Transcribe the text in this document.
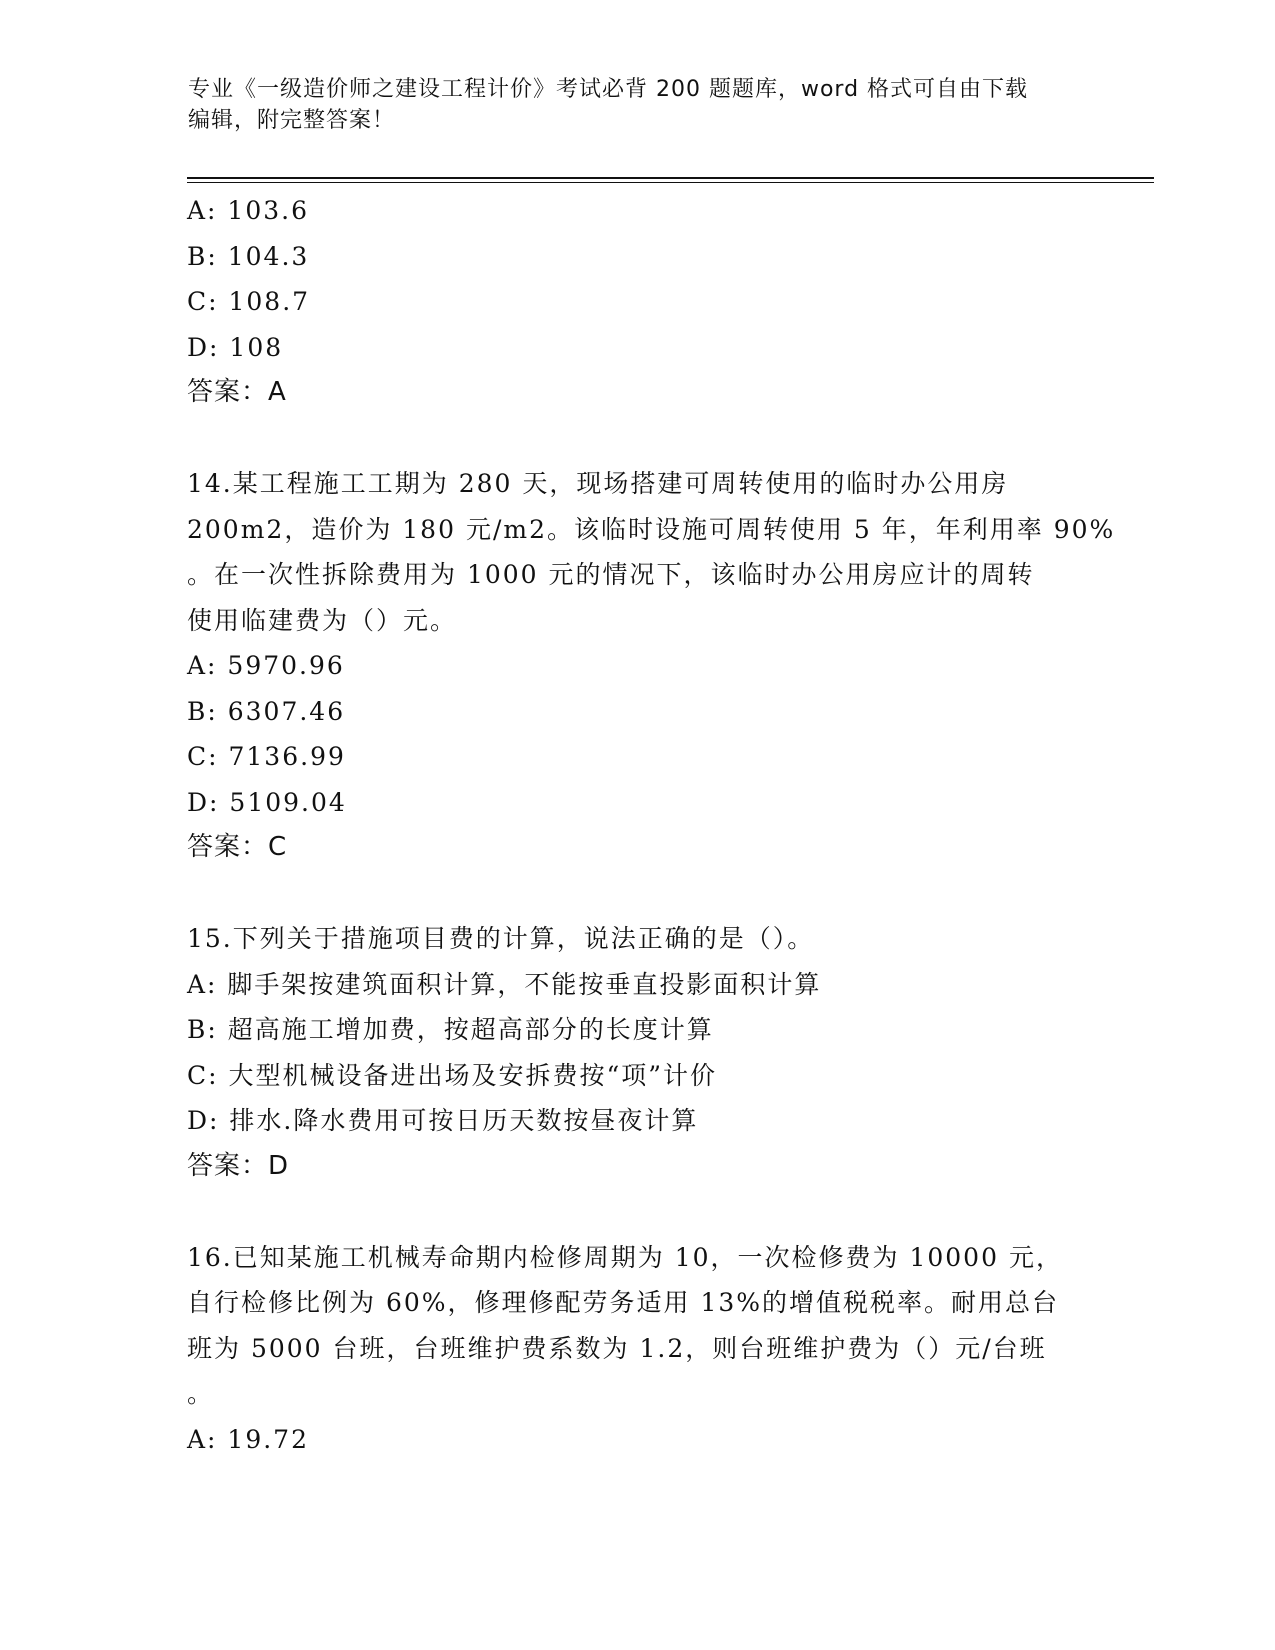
专业《一级造价师之建设工程计价》考试必背 200 题题库，word 格式可自由下载
编辑，附完整答案！
A: 103.6
B: 104.3
C: 108.7
D: 108
答案：A
14.某工程施工工期为 280 天，现场搭建可周转使用的临时办公用房
200m2，造价为 180 元/m2。该临时设施可周转使用 5 年，年利用率 90%
。在一次性拆除费用为 1000 元的情况下，该临时办公用房应计的周转
使用临建费为（）元。
A: 5970.96
B: 6307.46
C: 7136.99
D: 5109.04
答案：C
15.下列关于措施项目费的计算，说法正确的是（）。
A: 脚手架按建筑面积计算，不能按垂直投影面积计算
B: 超高施工增加费，按超高部分的长度计算
C: 大型机械设备进出场及安拆费按“项”计价
D: 排水.降水费用可按日历天数按昼夜计算
答案：D
16.已知某施工机械寿命期内检修周期为 10，一次检修费为 10000 元，
自行检修比例为 60%，修理修配劳务适用 13%的增值税税率。耐用总台
班为 5000 台班，台班维护费系数为 1.2，则台班维护费为（）元/台班
。
A: 19.72
